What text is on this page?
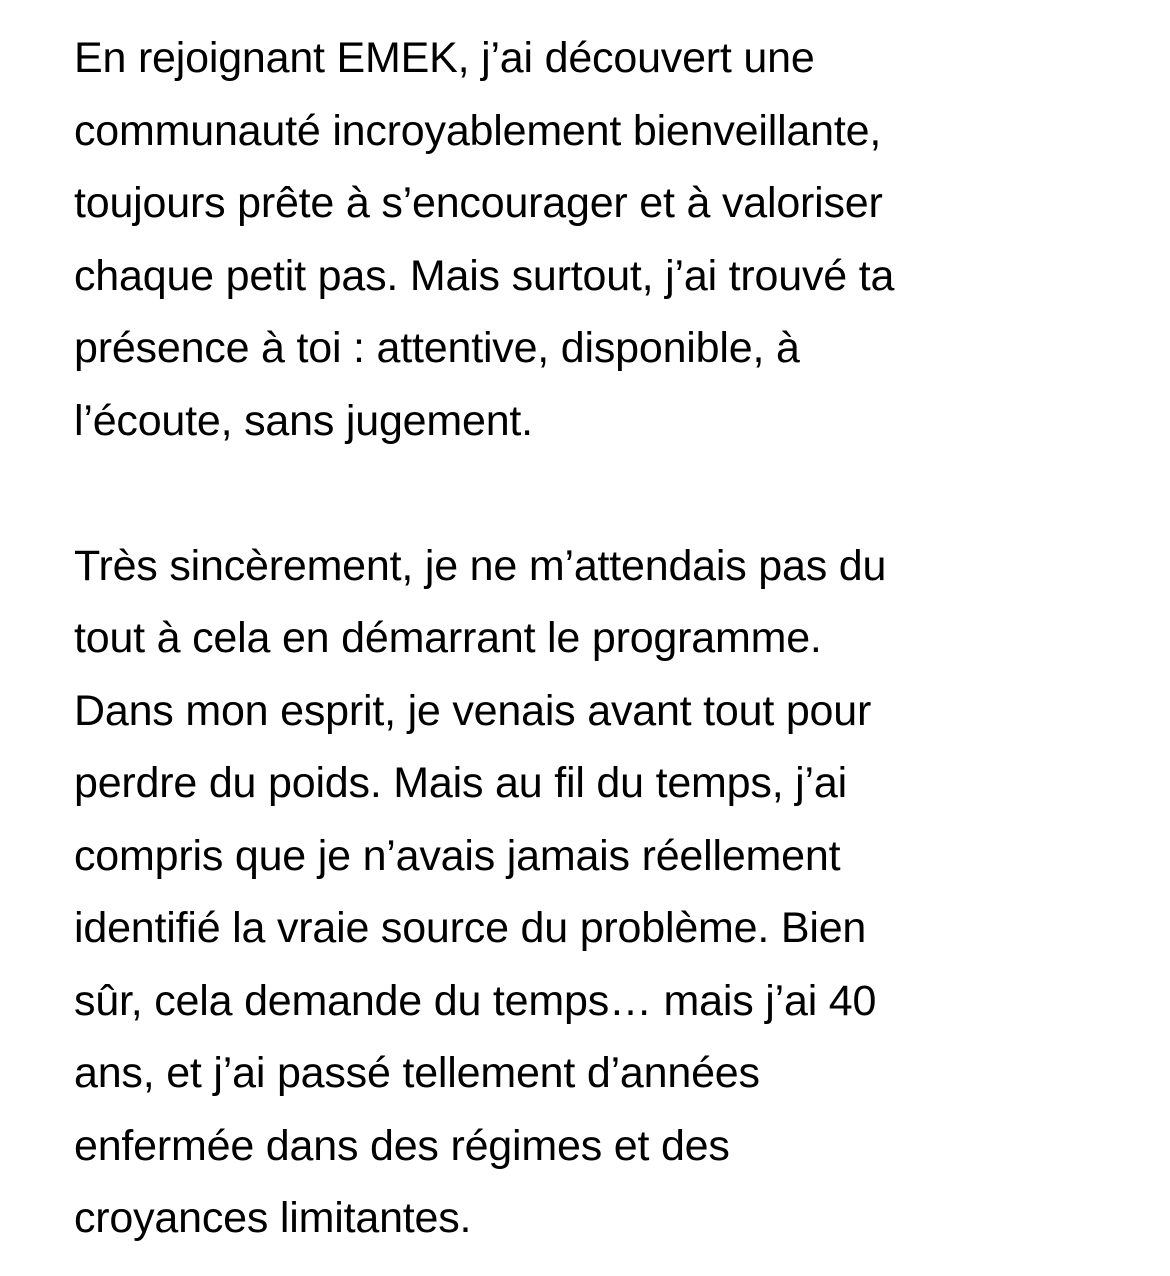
En rejoignant EMEK, j’ai découvert une
communauté incroyablement bienveillante,
toujours prête à s’encourager et à valoriser
chaque petit pas. Mais surtout, j’ai trouvé ta
présence à toi : attentive, disponible, à
l’écoute, sans jugement.
Très sincèrement, je ne m’attendais pas du
tout à cela en démarrant le programme.
Dans mon esprit, je venais avant tout pour
perdre du poids. Mais au fil du temps, j’ai
compris que je n’avais jamais réellement
identifié la vraie source du problème. Bien
sûr, cela demande du temps… mais j’ai 40
ans, et j’ai passé tellement d’années
enfermée dans des régimes et des
croyances limitantes.
